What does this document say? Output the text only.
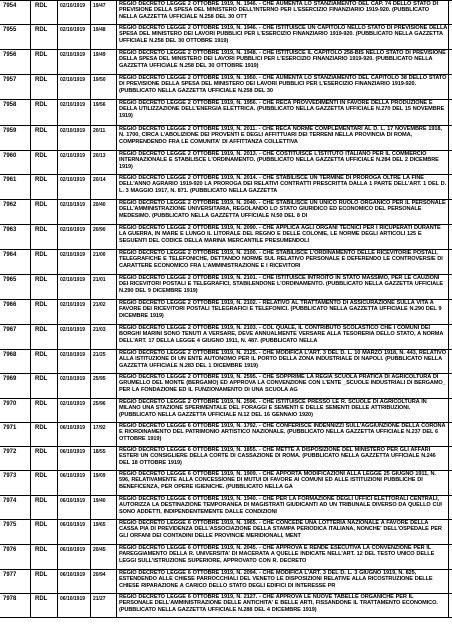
7954	RDL	02/10/1919	19/47	REGIO DECRETO LEGGE 2 OTTOBRE 1919, N. 1946. - CHE AUMENTA LO STANZIAMENTO DEL CAP. 74 DELLO STATO DI PREVISIONE DELLA SPESA DEL MINISTERO DELL'INTERNO PER L'ESERCIZIO FINANZIARIO 1919-920. (PUBBLICATO NELLA GAZZETTA UFFICIALE N.258 DEL 30 OTT
7955	RDL	02/10/1919	19/48	REGIO DECRETO LEGGE 2 OTTOBRE 1919, N. 1946. - CHE ISTITUISCE UN CAPITOLO NELLO STATO DI PREVISIONE DELLA SPESA DEL MINISTERO DEI LAVORI PUBBLICI PER L'ESERCIZIO FINANZIARIO 1919-920. (PUBBLICATO NELLA GAZZETTA UFFICIALE N.258 DEL 30 OTTOBRE 1919)
7956	RDL	02/10/1919	19/49	REGIO DECRETO LEGGE 2 OTTOBRE 1919, N. 1948. - CHE ISTITUISCE IL CAPITOLO 258-BIS NELLO STATO DI PREVISIONE DELLA SPESA DEL MINISTERO DEI LAVORI PUBBLICI PER L'ESERCIZIO FINANZIARIO 1919-920. (PUBBLICATO NELLA GAZZETTA UFFICIALE N.258 DEL 30 OTTOBRE 1919)
7957	RDL	02/10/1919	19/50	REGIO DECRETO LEGGE 2 OTTOBRE 1919, N. 1950. - CHE AUMENTA LO STANZIAMENTO DEL CAPITOLO 38 DELLO STATO DI PREVISIONE DELLA SPESA DEL MINISTERO DEI LAVORI PUBBLICI PER L'ESERCIZIO FINANZIARIO 1919-920. (PUBBLICATO NELLA GAZZETTA UFFICIALE N.258 DEL 30
7958	RDL	02/10/1919	19/56	REGIO DECRETO LEGGE 2 OTTOBRE 1919, N. 1956. - CHE RECA PROVVEDIMENTI IN FAVORE DELLA PRODUZIONE E DELLA UTILIZZAZIONE DELL'ENERGIA ELETTRICA. (PUBBLICATO NELLA GAZZETTA UFFICIALE N.270 DEL 15 NOVEMBRE 1919)
7959	RDL	02/10/1919	20/11	REGIO DECRETO LEGGE 2 OTTOBRE 1919, N. 2011. - CHE RECA NORME COMPLEMENTARI AL D. L. 17 NOVEMBRE 1918, N. 1700, CIRCA L'ABOLIZIONE DEI PROVENTI E DEGLI AFFITTUARI DEI TERRENI NELLA PROVINCIA DI ROMA, COMPRENDENDO FRA LE COMUNITA' DI AFFITTANZA COLLETTIVA
7960	RDL	02/10/1919	20/13	REGIO DECRETO LEGGE 2 OTTOBRE 1919, N. 2013. - CHE COSTITUISCE L'ISTITUTO ITALIANO PER IL COMMERCIO INTERNAZIONALE E STABILISCE L'ORDINAMENTO. (PUBBLICATO NELLA GAZZETTA UFFICIALE N.284 DEL 2 DICEMBRE 1919)
7961	RDL	02/10/1919	20/14	REGIO DECRETO LEGGE 2 OTTOBRE 1919, N. 2014. - CHE STABILISCE UN TERMINE DI PROROGA OLTRE LA FINE DELL'ANNO AGRARIO 1919-920 LA PROROGA DEI RELATIVI CONTRATTI PRESCRITTA DALLA 1 PARTE DELL'ART. 1 DEL D. L. 3 MAGGIO 1917, N. 871. (PUBBLICATO NELLA GAZZETTA
7962	RDL	02/10/1919	20/40	REGIO DECRETO LEGGE 2 OTTOBRE 1919, N. 2040. - CHE STABILISCE UN UNICO RUOLO ORGANICO PER IL PERSONALE DELL'AMMINISTRAZIONE UNIVERSITARIA, REGOLANDO LO STATO GIURIDICO ED ECONOMICO DEL PERSONALE MEDESIMO. (PUBBLICATO NELLA GAZZETTA UFFICIALE N.50 DEL 8 DI
7963	RDL	02/10/1919	20/90	REGIO DECRETO LEGGE 2 OTTOBRE 1919, N. 2090. - CHE APPLICA AGLI ORGANI TECNICI PER I RICUPERATI DURANTE LA GUERRA, IN MARE E LUNGO IL LITORALE DEL REGNO E DELLE COLONIE, LE NORME DEGLI ARTICOLI 125 E SEGUENTI DEL CODICE DELLA MARINA MERCANTILE PRESUMENDOLI
7964	RDL	02/10/1919	21/00	REGIO DECRETO LEGGE 2 OTTOBRE 1919, N. 2100. - CHE STABILISCE L'ORDINAMENTO DELLE RICEVITORIE POSTALI, TELEGRAFICHE E TELEFONICHE, DETTANDO NORME SUL RELATIVO PERSONALE E DEFERENDO LE CONTROVERSIE DI CARATTERE ECONOMICO FRA L'AMMINISTRAZIONE E I RICEVITORI
7965	RDL	02/10/1919	21/01	REGIO DECRETO LEGGE 2 OTTOBRE 1919, N. 2101. - CHE ISTITUISCE INTROITO IN STATO MASSIMO, PER LE CAUZIONI DEI RICEVITORI POSTALI E TELEGRAFICI, STABILENDONE L'ORDINAMENTO. (PUBBLICATO NELLA GAZZETTA UFFICIALE N.290 DEL 9 DICEMBRE 1919)
7966	RDL	02/10/1919	21/02	REGIO DECRETO LEGGE 2 OTTOBRE 1919, N. 2102. - RELATIVO AL TRATTAMENTO DI ASSICURAZIONE SULLA VITA A FAVORE DEI RICEVITORI POSTALI TELEGRAFICI E TELEFONICI. (PUBBLICATO NELLA GAZZETTA UFFICIALE N.290 DEL 9 DICEMBRE 1919)
7967	RDL	02/10/1919	21/03	REGIO DECRETO LEGGE 2 OTTOBRE 1919, N. 2103. - COL QUALE, IL CONTRIBUTO SCOLASTICO CHE I COMUNI DEI BORGHI MARINI SONO TENUTI A VERSARE, DEVE ANNUALMENTE VERSARE ALLA TESORERIA DELLO STATO, A NORMA DELL'ART. 17 DELLA LEGGE 4 GIUGNO 1911, N. 487. (PUBBLICATO NELLA
7968	RDL	02/10/1919	21/25	REGIO DECRETO LEGGE 2 OTTOBRE 1919, N. 2125. - CHE MODIFICA L'ART. 3 DEL D. L. 10 MARZO 1918, N. 443, RELATIVO ALLA ISTITUZIONE DI UN ENTE AUTONOMO PER IL PORTO DELLA ZONA INDUSTRIALE DI NAPOLI. (PUBBLICATO NELLA GAZZETTA UFFICIALE N.283 DEL 1 DICEMBRE 1919)
7969	RDL	02/10/1919	25/95	REGIO DECRETO LEGGE 2 OTTOBRE 1919, N. 2595. - CHE SOPPRIME LA REGIA SCUOLA PRATICA DI AGRICOLTURA DI GRUMELLO DEL MONTE (BERGAMO) ED APPROVA LA CONVENZIONE CON L'ENTE _SCUOLE INDUSTRIALI DI BERGAMO_ PER LA FONDAZIONE ED IL FUNZIONAMENTO DI UNA SCUOLA AG
7970	RDL	02/10/1919	25/96	REGIO DECRETO LEGGE 2 OTTOBRE 1919, N. 2596. - CHE ISTITUISCE PRESSO LE R. SCUOLE DI AGRICOLTURA IN MILANO UNA STAZIONE SPERIMENTALE DEL FORAGGI E SEMENTI E DELLE SEMENTI DELLE ATTRIBUZIONI. (PUBBLICATO NELLA GAZZETTA UFFICIALE N.12 DEL 16 GENNAIO 1920)
7971	RDL	06/10/1919	17/92	REGIO DECRETO LEGGE 6 OTTOBRE 1919, N. 1792. - CHE CONFERISCE INDENNIZZI SULL'AGGIUNZIONE DELLA CORONA E RIORDINAMENTO DEL PATRIMONIO ARTISTICO NAZIONALE. (PUBBLICATO NELLA GAZZETTA UFFICIALE N.237 DEL 6 OTTOBRE 1919)
7972	RDL	06/10/1919	18/55	REGIO DECRETO LEGGE 6 OTTOBRE 1919, N. 1855. - CHE METTE A DISPOSIZIONE DEL MINISTERO PER GLI AFFARI ESTERI UN CONSIGLIERE DELLA CORTE DI CASSAZIONE DI ROMA. (PUBBLICATO NELLA GAZZETTA UFFICIALE N.246 DEL 18 OTTOBRE 1919)
7973	RDL	06/10/1919	19/09	REGIO DECRETO LEGGE 6 OTTOBRE 1919, N. 1909. - CHE APPORTA MODIFICAZIONI ALLA LEGGE 25 GIUGNO 1911, N. 596, RELATIVAMENTE ALLA CONCESSIONE DI MUTUI DI FAVORE AI COMUNI ED ALLE ISTITUZIONI PUBBLICHE DI BENEFICENZA, PER OPERE IGIENICHE. (PUBBLICATO NELLA GA
7974	RDL	06/10/1919	19/40	REGIO DECRETO LEGGE 6 OTTOBRE 1919, N. 1940. - CHE PER LA FORMAZIONE DEGLI UFFICI ELETTORALI CENTRALI, AUTORIZZA LA DESTINAZIONE TEMPORANEA DI MAGISTRATI GIUDICANTI AD UN TRIBUNALE DIVERSO DA QUELLO CUI SONO ADDETTI, INDIPENDENTEMENTE DALLE CONDIZIONI
7975	RDL	06/10/1919	19/65	REGIO DECRETO LEGGE 6 OTTOBRE 1919, N. 1965. - CHE CONCEDE UNA LOTTERIA NAZIONALE A FAVORE DELLA CASSA PIA DI PREVIDENZA DELL'ASSOCIAZIONE DELLA STAMPA PERIODICA ITALIANA, NONCHE' DELL'OSPEDALE PER GLI ORFANI DEI CONTADINI DELLE PROVINCIE MERIDIONALI, MENT
7976	RDL	06/10/1919	20/45	REGIO DECRETO LEGGE 6 OTTOBRE 1919, N. 2045. - CHE APPROVA E RENDE ESECUTIVA LA CONVENZIONE PER IL PAREGGIAMENTO DELLA R. UNIVERSITA' DI MACERATA A QUELLE INDICATE NELL'ART. 12 DEL TESTO UNICO DELLE LEGGI SULL'ISTRUZIONE SUPERIORE, APPROVATO CON R. DECRETO
7977	RDL	06/10/1919	20/94	REGIO DECRETO LEGGE 6 OTTOBRE 1919, N. 2094. - CHE MODIFICA L'ART. 3 DEL D. L. 3 GIUGNO 1919, N. 825, ESTENDENDO ALLE CHIESE PARROCCHIALI DEL VENETO LE DISPOSIZIONI RELATIVE ALLA RICOSTRUZIONE DELLE CHIESE RIPARAZIONE A CARICO DELLO STATO DEGLI EDIFICI DI INTERESSE PR
7978	RDL	06/10/1919	21/27	REGIO DECRETO LEGGE 6 OTTOBRE 1919, N. 2127. - CHE APPROVA LE NUOVE TABELLE ORGANICHE PER IL PERSONALE DELL'AMMINISTRAZIONE DELLE ANTICHITA' E BELLE ARTI, FISSANDONE IL TRATTAMENTO ECONOMICO. (PUBBLICATO NELLA GAZZETTA UFFICIALE N.288 DEL 4 DICEMBRE 1919)
